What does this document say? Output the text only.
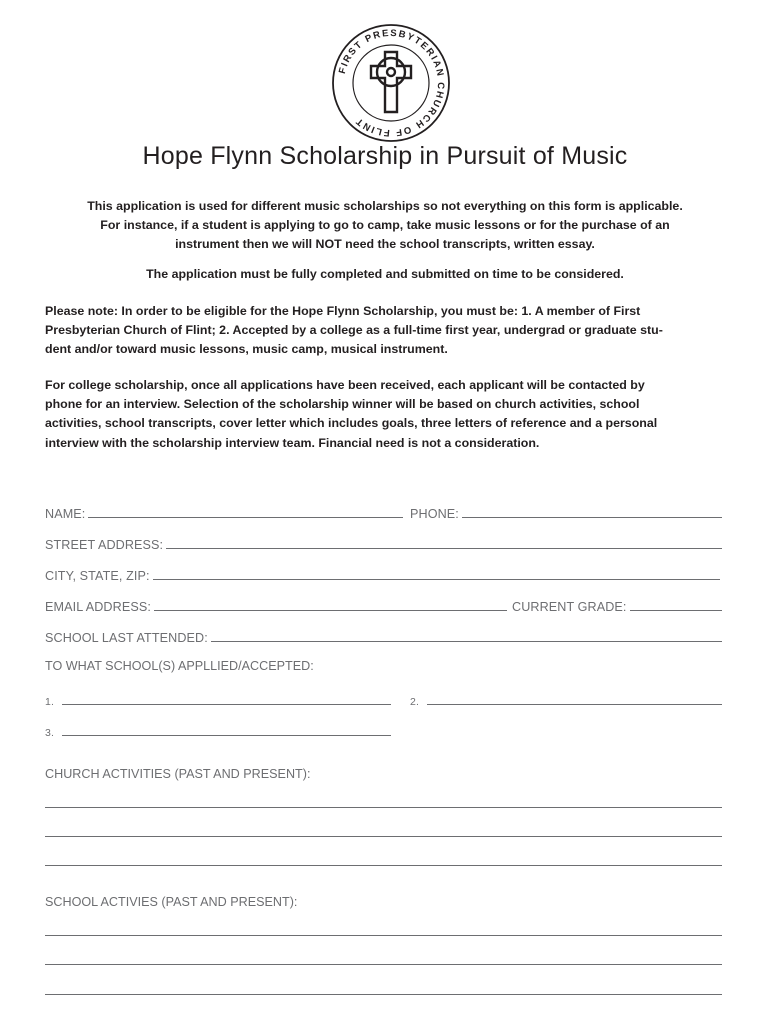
FIRST PRESBYTERIAN CHURCH OF FLINT
Hope Flynn Scholarship in Pursuit of Music
This application is used for different music scholarships so not everything on this form is applicable.
For instance, if a student is applying to go to camp, take music lessons or for the purchase of an
instrument then we will NOT need the school transcripts, written essay.
The application must be fully completed and submitted on time to be considered.
Please note: In order to be eligible for the Hope Flynn Scholarship, you must be: 1. A member of First
Presbyterian Church of Flint; 2. Accepted by a college as a full-time first year, undergrad or graduate stu-
dent and/or toward music lessons, music camp, musical instrument.
For college scholarship, once all applications have been received, each applicant will be contacted by
phone for an interview. Selection of the scholarship winner will be based on church activities, school
activities, school transcripts, cover letter which includes goals, three letters of reference and a personal
interview with the scholarship interview team. Financial need is not a consideration.
NAME:	PHONE:
STREET ADDRESS:
CITY, STATE, ZIP:
EMAIL ADDRESS:	CURRENT GRADE:
SCHOOL LAST ATTENDED:
TO WHAT SCHOOL(S) APPLLIED/ACCEPTED:
1.	2.
3.
CHURCH ACTIVITIES (PAST AND PRESENT):
SCHOOL ACTIVIES (PAST AND PRESENT):
